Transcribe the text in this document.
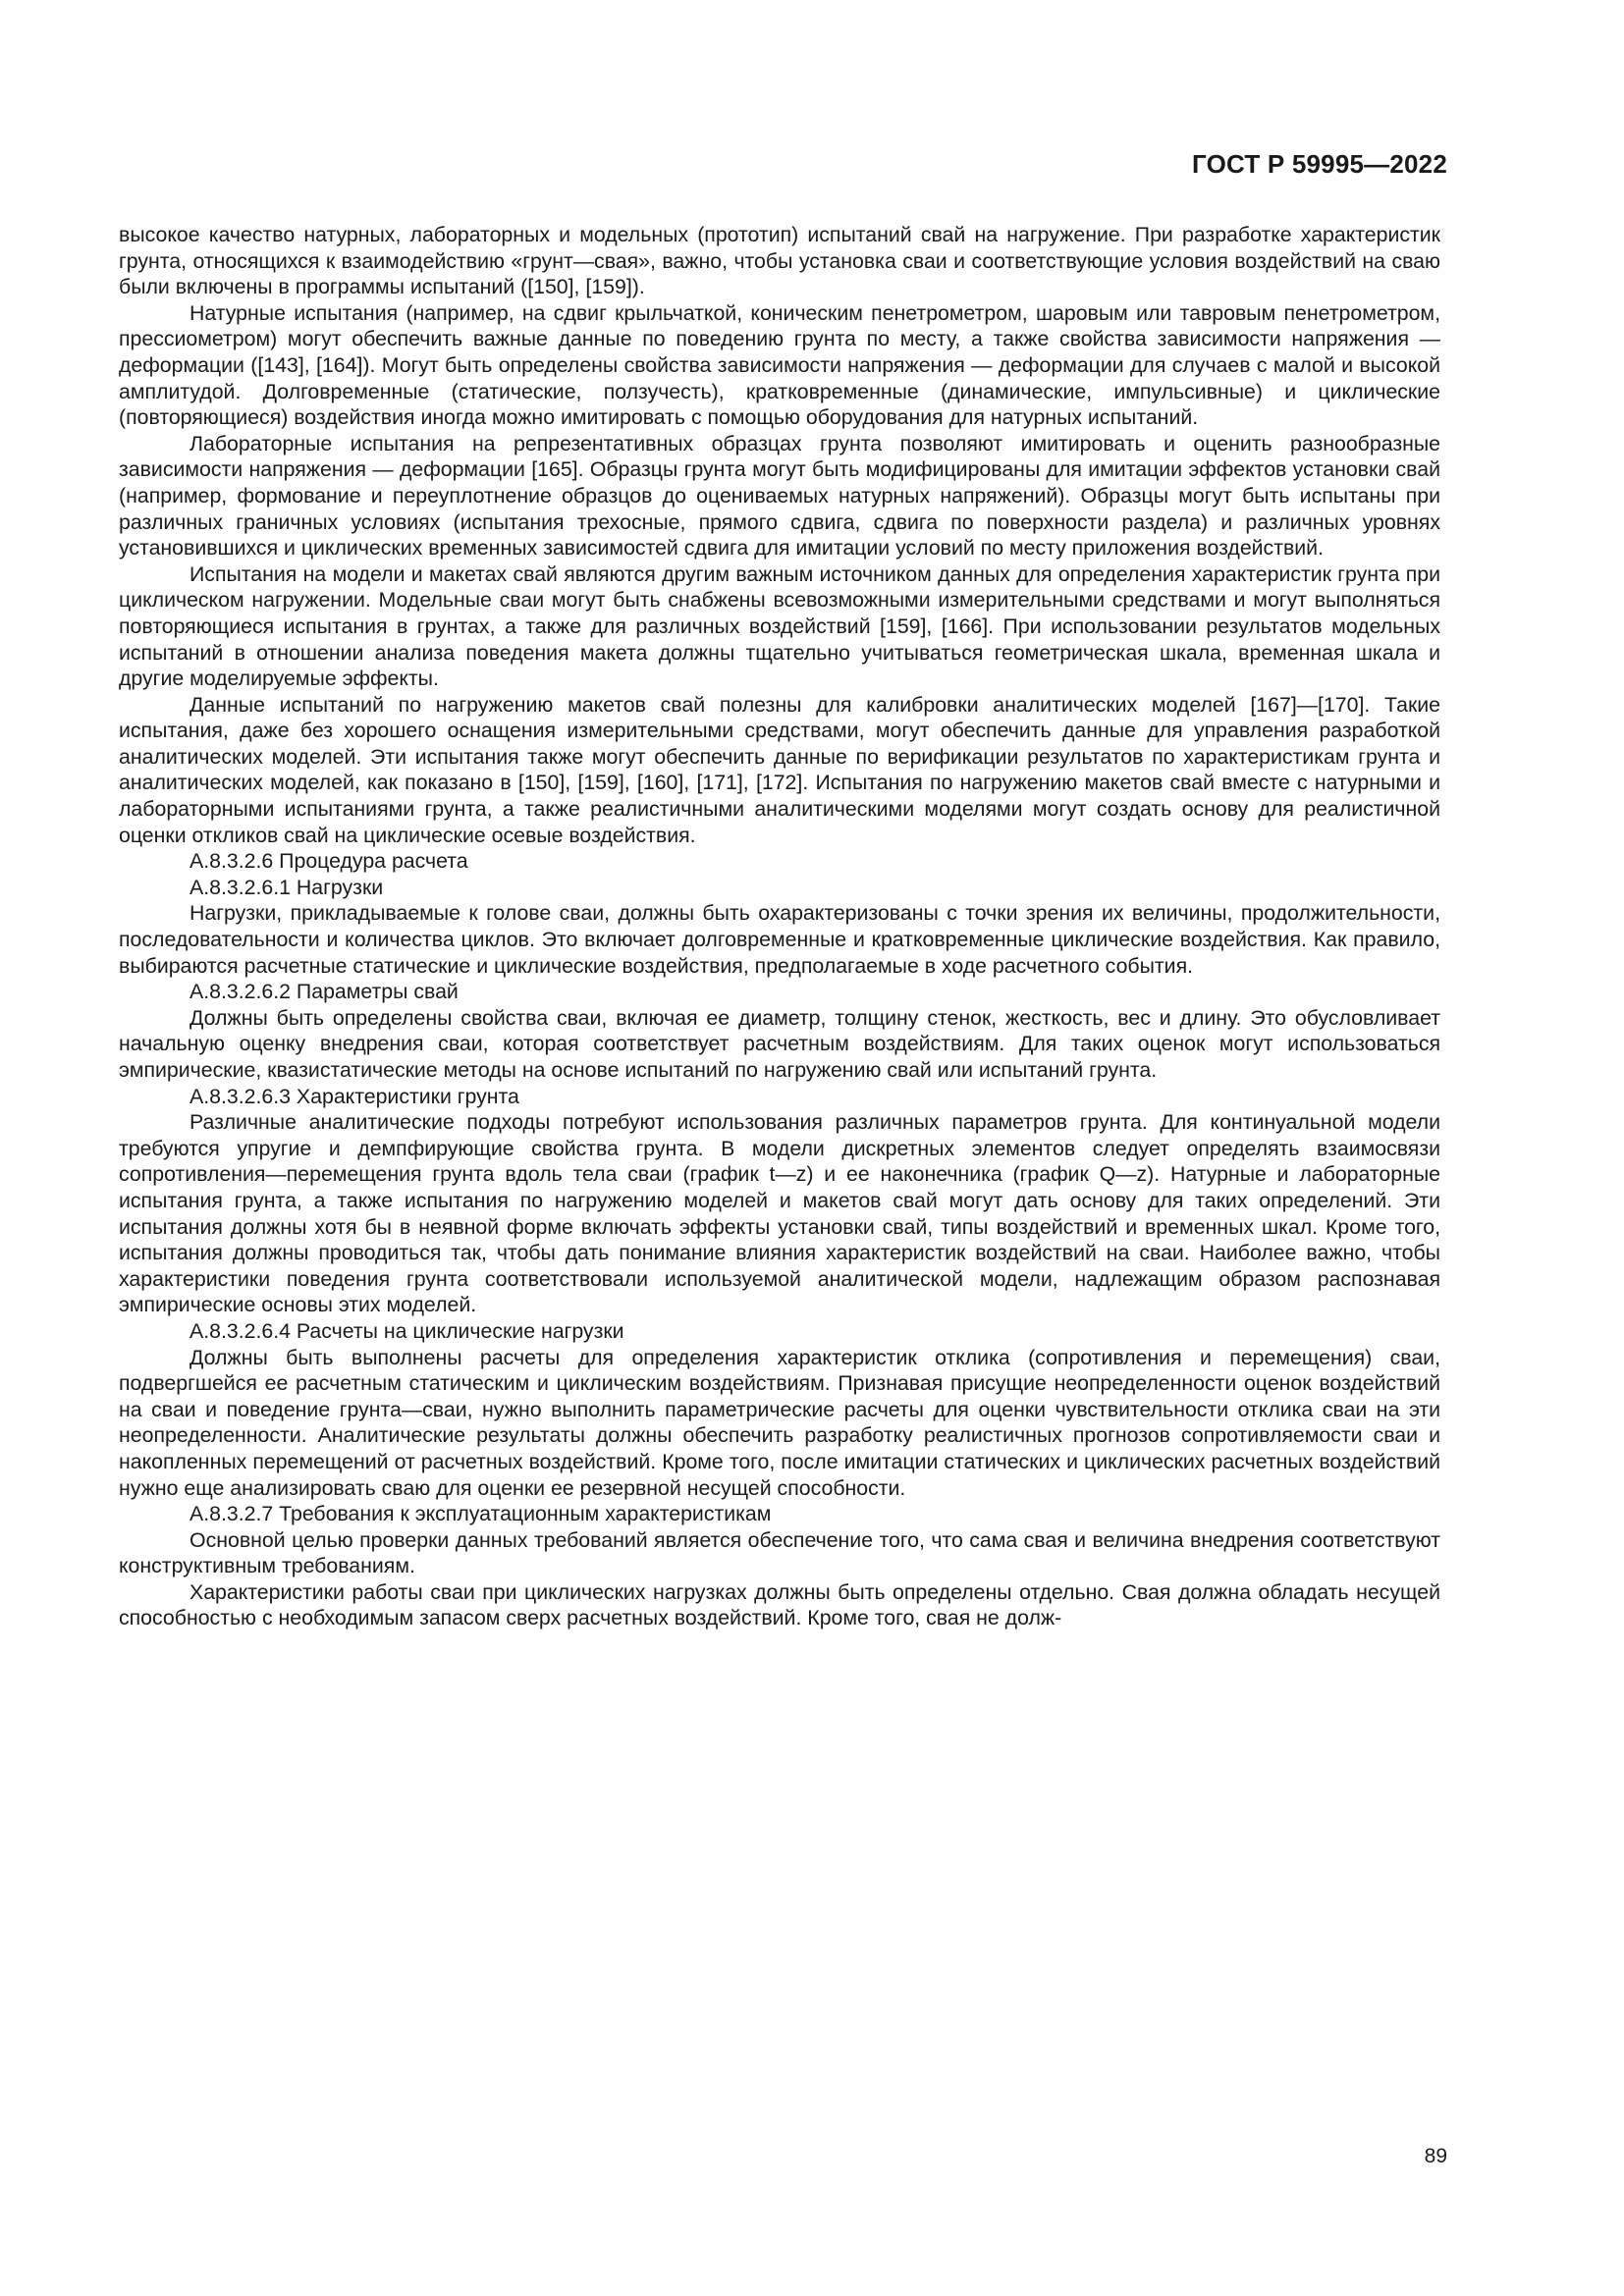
ГОСТ Р 59995—2022

высокое качество натурных, лабораторных и модельных (прототип) испытаний свай на нагружение. При разработке характеристик грунта, относящихся к взаимодействию «грунт—свая», важно, чтобы установка сваи и соответствующие условия воздействий на сваю были включены в программы испытаний ([150], [159]).

Натурные испытания (например, на сдвиг крыльчаткой, коническим пенетрометром, шаровым или тавровым пенетрометром, прессиометром) могут обеспечить важные данные по поведению грунта по месту, а также свойства зависимости напряжения — деформации ([143], [164]). Могут быть определены свойства зависимости напряжения — деформации для случаев с малой и высокой амплитудой. Долговременные (статические, ползучесть), кратковременные (динамические, импульсивные) и циклические (повторяющиеся) воздействия иногда можно имитировать с помощью оборудования для натурных испытаний.

Лабораторные испытания на репрезентативных образцах грунта позволяют имитировать и оценить разнообразные зависимости напряжения — деформации [165]. Образцы грунта могут быть модифицированы для имитации эффектов установки свай (например, формование и переуплотнение образцов до оцениваемых натурных напряжений). Образцы могут быть испытаны при различных граничных условиях (испытания трехосные, прямого сдвига, сдвига по поверхности раздела) и различных уровнях установившихся и циклических временных зависимостей сдвига для имитации условий по месту приложения воздействий.

Испытания на модели и макетах свай являются другим важным источником данных для определения характеристик грунта при циклическом нагружении. Модельные сваи могут быть снабжены всевозможными измерительными средствами и могут выполняться повторяющиеся испытания в грунтах, а также для различных воздействий [159], [166]. При использовании результатов модельных испытаний в отношении анализа поведения макета должны тщательно учитываться геометрическая шкала, временная шкала и другие моделируемые эффекты.

Данные испытаний по нагружению макетов свай полезны для калибровки аналитических моделей [167]—[170]. Такие испытания, даже без хорошего оснащения измерительными средствами, могут обеспечить данные для управления разработкой аналитических моделей. Эти испытания также могут обеспечить данные по верификации результатов по характеристикам грунта и аналитических моделей, как показано в [150], [159], [160], [171], [172]. Испытания по нагружению макетов свай вместе с натурными и лабораторными испытаниями грунта, а также реалистичными аналитическими моделями могут создать основу для реалистичной оценки откликов свай на циклические осевые воздействия.

А.8.3.2.6 Процедура расчета

А.8.3.2.6.1 Нагрузки

Нагрузки, прикладываемые к голове сваи, должны быть охарактеризованы с точки зрения их величины, продолжительности, последовательности и количества циклов. Это включает долговременные и кратковременные циклические воздействия. Как правило, выбираются расчетные статические и циклические воздействия, предполагаемые в ходе расчетного события.

А.8.3.2.6.2 Параметры свай

Должны быть определены свойства сваи, включая ее диаметр, толщину стенок, жесткость, вес и длину. Это обусловливает начальную оценку внедрения сваи, которая соответствует расчетным воздействиям. Для таких оценок могут использоваться эмпирические, квазистатические методы на основе испытаний по нагружению свай или испытаний грунта.

А.8.3.2.6.3 Характеристики грунта

Различные аналитические подходы потребуют использования различных параметров грунта. Для континуальной модели требуются упругие и демпфирующие свойства грунта. В модели дискретных элементов следует определять взаимосвязи сопротивления—перемещения грунта вдоль тела сваи (график t—z) и ее наконечника (график Q—z). Натурные и лабораторные испытания грунта, а также испытания по нагружению моделей и макетов свай могут дать основу для таких определений. Эти испытания должны хотя бы в неявной форме включать эффекты установки свай, типы воздействий и временных шкал. Кроме того, испытания должны проводиться так, чтобы дать понимание влияния характеристик воздействий на сваи. Наиболее важно, чтобы характеристики поведения грунта соответствовали используемой аналитической модели, надлежащим образом распознавая эмпирические основы этих моделей.

А.8.3.2.6.4 Расчеты на циклические нагрузки

Должны быть выполнены расчеты для определения характеристик отклика (сопротивления и перемещения) сваи, подвергшейся ее расчетным статическим и циклическим воздействиям. Признавая присущие неопределенности оценок воздействий на сваи и поведение грунта—сваи, нужно выполнить параметрические расчеты для оценки чувствительности отклика сваи на эти неопределенности. Аналитические результаты должны обеспечить разработку реалистичных прогнозов сопротивляемости сваи и накопленных перемещений от расчетных воздействий. Кроме того, после имитации статических и циклических расчетных воздействий нужно еще анализировать сваю для оценки ее резервной несущей способности.

А.8.3.2.7 Требования к эксплуатационным характеристикам

Основной целью проверки данных требований является обеспечение того, что сама свая и величина внедрения соответствуют конструктивным требованиям.

Характеристики работы сваи при циклических нагрузках должны быть определены отдельно. Свая должна обладать несущей способностью с необходимым запасом сверх расчетных воздействий. Кроме того, свая не долж-

89
